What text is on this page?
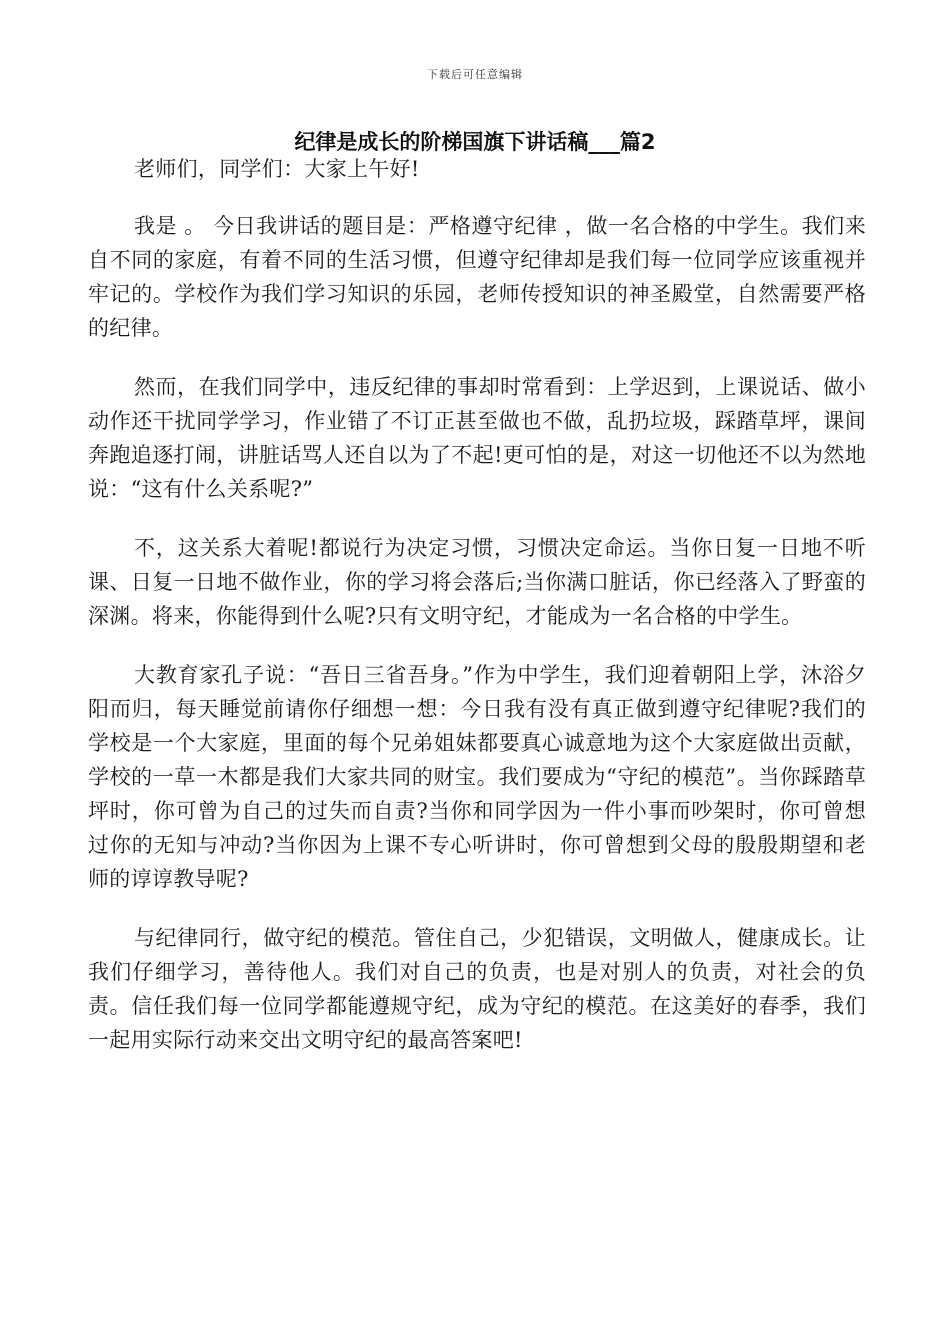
下载后可任意编辑
纪律是成长的阶梯国旗下讲话稿___篇2

老师们，同学们：大家上午好!

我是 。 今日我讲话的题目是：严格遵守纪律 ，做一名合格的中学生。我们来自不同的家庭，有着不同的生活习惯，但遵守纪律却是我们每一位同学应该重视并牢记的。学校作为我们学习知识的乐园，老师传授知识的神圣殿堂，自然需要严格的纪律。

然而，在我们同学中，违反纪律的事却时常看到：上学迟到，上课说话、做小动作还干扰同学学习，作业错了不订正甚至做也不做，乱扔垃圾，踩踏草坪，课间奔跑追逐打闹，讲脏话骂人还自以为了不起!更可怕的是，对这一切他还不以为然地说：“这有什么关系呢?”

不，这关系大着呢!都说行为决定习惯，习惯决定命运。当你日复一日地不听课、日复一日地不做作业，你的学习将会落后;当你满口脏话，你已经落入了野蛮的深渊。将来，你能得到什么呢?只有文明守纪，才能成为一名合格的中学生。

大教育家孔子说：“吾日三省吾身。”作为中学生，我们迎着朝阳上学，沐浴夕阳而归，每天睡觉前请你仔细想一想：今日我有没有真正做到遵守纪律呢?我们的学校是一个大家庭，里面的每个兄弟姐妹都要真心诚意地为这个大家庭做出贡献，学校的一草一木都是我们大家共同的财宝。我们要成为“守纪的模范”。当你踩踏草坪时，你可曾为自己的过失而自责?当你和同学因为一件小事而吵架时，你可曾想过你的无知与冲动?当你因为上课不专心听讲时，你可曾想到父母的殷殷期望和老师的谆谆教导呢?

与纪律同行，做守纪的模范。管住自己，少犯错误，文明做人，健康成长。让我们仔细学习，善待他人。我们对自己的负责，也是对别人的负责，对社会的负责。信任我们每一位同学都能遵规守纪，成为守纪的模范。在这美好的春季，我们一起用实际行动来交出文明守纪的最高答案吧!
